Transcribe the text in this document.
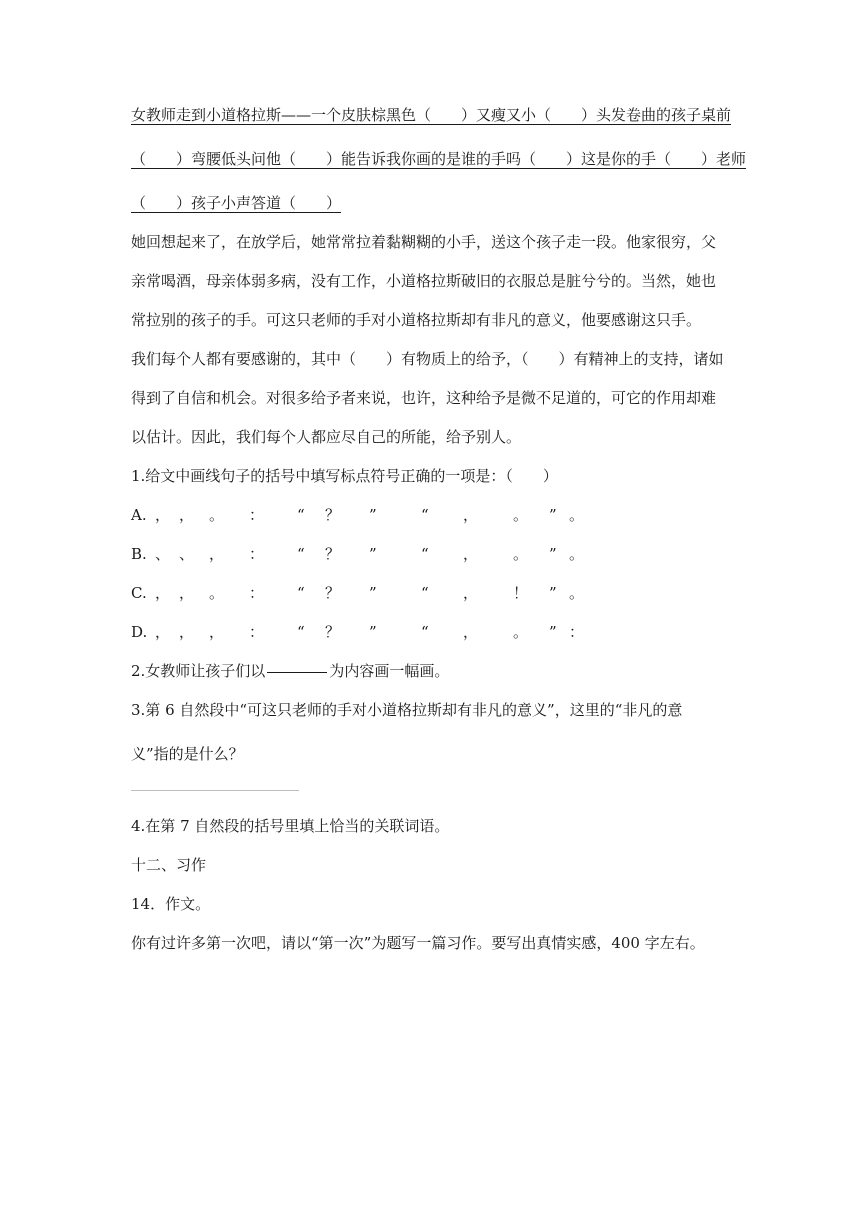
女教师走到小道格拉斯——一个皮肤棕黑色（　　）又瘦又小（　　）头发卷曲的孩子桌前

（　　）弯腰低头问他（　　）能告诉我你画的是谁的手吗（　　）这是你的手（　　）老师

（　　）孩子小声答道（　　）

她回想起来了，在放学后，她常常拉着黏糊糊的小手，送这个孩子走一段。他家很穷，父

亲常喝酒，母亲体弱多病，没有工作，小道格拉斯破旧的衣服总是脏兮兮的。当然，她也

常拉别的孩子的手。可这只老师的手对小道格拉斯却有非凡的意义，他要感谢这只手。

我们每个人都有要感谢的，其中（　　）有物质上的给予，（　　）有精神上的支持，诸如

得到了自信和机会。对很多给予者来说，也许，这种给予是微不足道的，可它的作用却难

以估计。因此，我们每个人都应尽自己的所能，给予别人。

1.给文中画线句子的括号中填写标点符号正确的一项是：（　　）

A. ， ， 。	：	“	？	”	“	，	。	” 。
B. 、 、 ，	：	“	？	”	“	，	。	” 。
C. ， ， 。	：	“	？	”	“	，	！	” 。
D. ， ， ，	：	“	？	”	“	，	。	” ：

2.女教师让孩子们以	为内容画一幅画。

3.第 6 自然段中“可这只老师的手对小道格拉斯却有非凡的意义”，这里的“非凡的意

义”指的是什么？

4.在第 7 自然段的括号里填上恰当的关联词语。

十二、习作

14．作文。

你有过许多第一次吧，请以“第一次”为题写一篇习作。要写出真情实感，400 字左右。
